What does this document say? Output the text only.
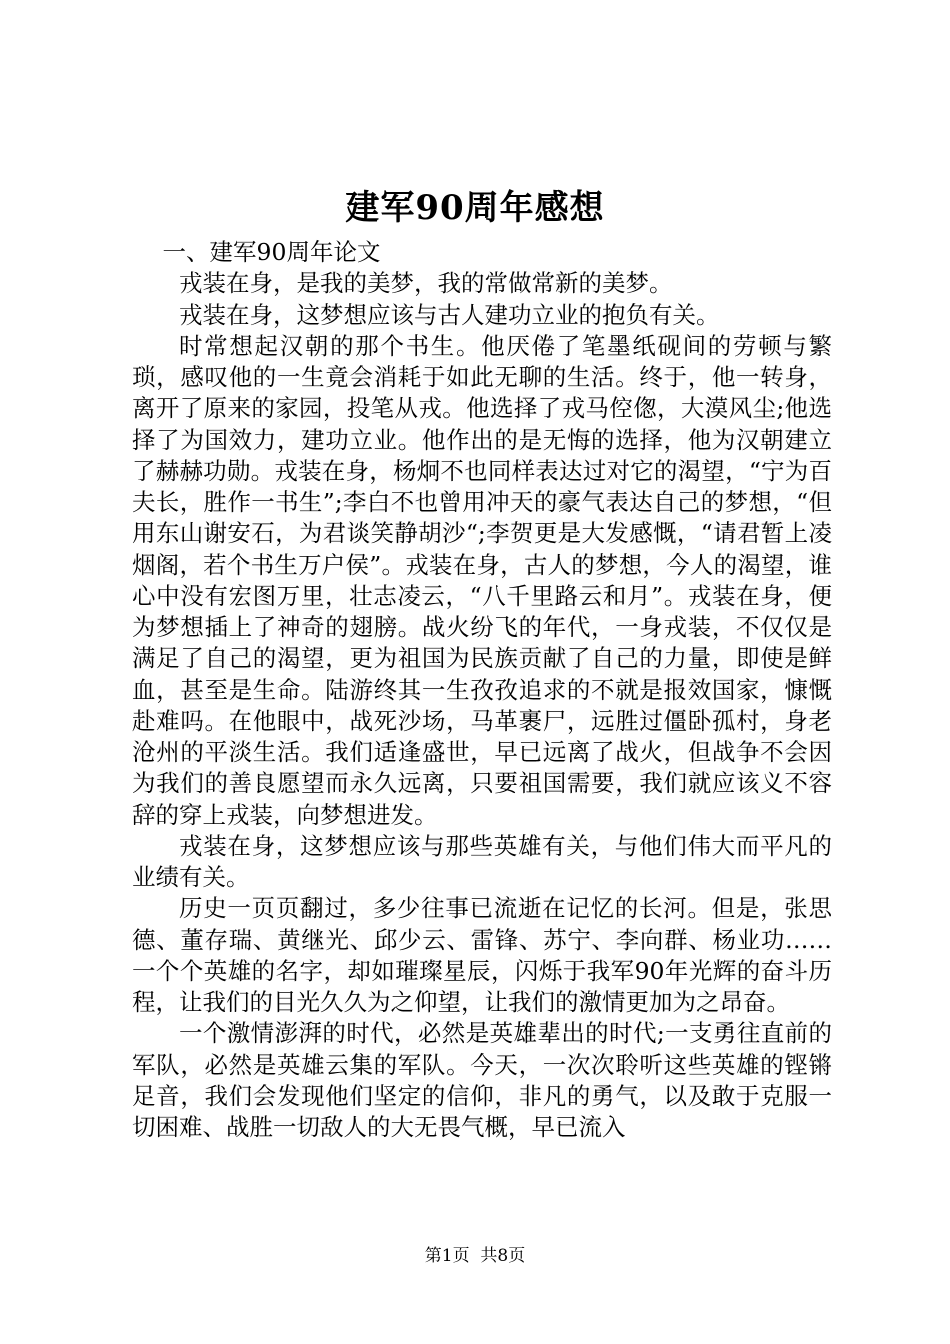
建军90周年感想

一、建军90周年论文

戎装在身，是我的美梦，我的常做常新的美梦。

戎装在身，这梦想应该与古人建功立业的抱负有关。

时常想起汉朝的那个书生。他厌倦了笔墨纸砚间的劳顿与繁琐，感叹他的一生竟会消耗于如此无聊的生活。终于，他一转身，离开了原来的家园，投笔从戎。他选择了戎马倥偬，大漠风尘;他选择了为国效力，建功立业。他作出的是无悔的选择，他为汉朝建立了赫赫功勋。戎装在身，杨炯不也同样表达过对它的渴望，“宁为百夫长，胜作一书生”;李白不也曾用冲天的豪气表达自己的梦想，“但用东山谢安石，为君谈笑静胡沙“;李贺更是大发感慨，“请君暂上凌烟阁，若个书生万户侯”。戎装在身，古人的梦想，今人的渴望，谁心中没有宏图万里，壮志凌云，“八千里路云和月”。戎装在身，便为梦想插上了神奇的翅膀。战火纷飞的年代，一身戎装，不仅仅是满足了自己的渴望，更为祖国为民族贡献了自己的力量，即使是鲜血，甚至是生命。陆游终其一生孜孜追求的不就是报效国家，慷慨赴难吗。在他眼中，战死沙场，马革裹尸，远胜过僵卧孤村，身老沧州的平淡生活。我们适逢盛世，早已远离了战火，但战争不会因为我们的善良愿望而永久远离，只要祖国需要，我们就应该义不容辞的穿上戎装，向梦想进发。

戎装在身，这梦想应该与那些英雄有关，与他们伟大而平凡的业绩有关。

历史一页页翻过，多少往事已流逝在记忆的长河。但是，张思德、董存瑞、黄继光、邱少云、雷锋、苏宁、李向群、杨业功……一个个英雄的名字，却如璀璨星辰，闪烁于我军90年光辉的奋斗历程，让我们的目光久久为之仰望，让我们的激情更加为之昂奋。

一个激情澎湃的时代，必然是英雄辈出的时代;一支勇往直前的军队，必然是英雄云集的军队。今天，一次次聆听这些英雄的铿锵足音，我们会发现他们坚定的信仰，非凡的勇气，以及敢于克服一切困难、战胜一切敌人的大无畏气概，早已流入

第1页  共8页
